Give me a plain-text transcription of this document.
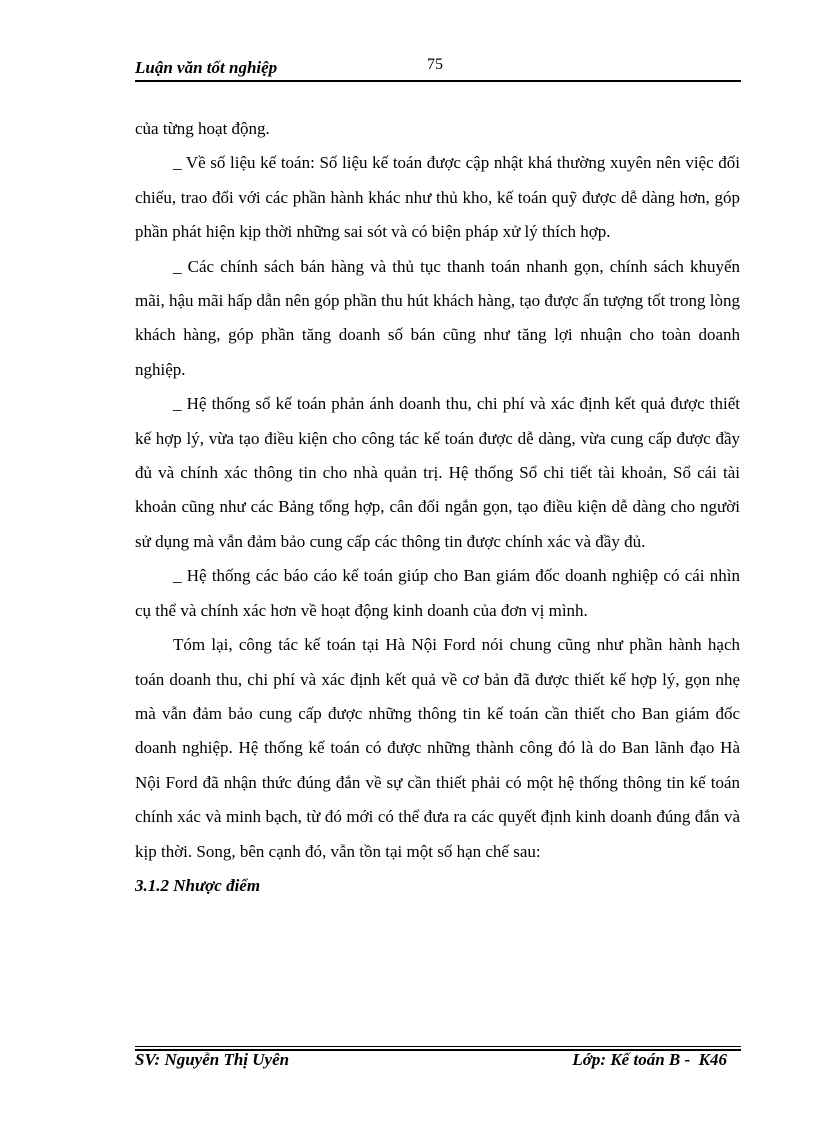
Luận văn tốt nghiệp	75

của từng hoạt động.

_ Về số liệu kế toán: Số liệu kế toán được cập nhật khá thường xuyên nên việc đối chiếu, trao đổi với các phần hành khác như thủ kho, kế toán quỹ được dễ dàng hơn, góp phần phát hiện kịp thời những sai sót và có biện pháp xử lý thích hợp.

_ Các chính sách bán hàng và thủ tục thanh toán nhanh gọn, chính sách khuyến mãi, hậu mãi hấp dẫn nên góp phần thu hút khách hàng, tạo được ấn tượng tốt trong lòng khách hàng, góp phần tăng doanh số bán cũng như tăng lợi nhuận cho toàn doanh nghiệp.

_ Hệ thống sổ kế toán phản ánh doanh thu, chi phí và xác định kết quả được thiết kế hợp lý, vừa tạo điều kiện cho công tác kế toán được dễ dàng, vừa cung cấp được đầy đủ và chính xác thông tin cho nhà quản trị. Hệ thống Sổ chi tiết tài khoản, Sổ cái tài khoản cũng như các Bảng tổng hợp, cân đối ngắn gọn, tạo điều kiện dễ dàng cho người sử dụng mà vẫn đảm bảo cung cấp các thông tin được chính xác và đầy đủ.

_ Hệ thống các báo cáo kế toán giúp cho Ban giám đốc doanh nghiệp có cái nhìn cụ thể và chính xác hơn về hoạt động kinh doanh của đơn vị mình.

Tóm lại, công tác kế toán tại Hà Nội Ford nói chung cũng như phần hành hạch toán doanh thu, chi phí và xác định kết quả về cơ bản đã được thiết kế hợp lý, gọn nhẹ mà vẫn đảm bảo cung cấp được những thông tin kế toán cần thiết cho Ban giám đốc doanh nghiệp. Hệ thống kế toán có được những thành công đó là do Ban lãnh đạo Hà Nội Ford đã nhận thức đúng đắn về sự cần thiết phải có một hệ thống thông tin kế toán chính xác và minh bạch, từ đó mới có thể đưa ra các quyết định kinh doanh đúng đắn và kịp thời. Song, bên cạnh đó, vẫn tồn tại một số hạn chế sau:

3.1.2 Nhược điểm

SV: Nguyễn Thị Uyên	Lớp: Kế toán B -  K46
